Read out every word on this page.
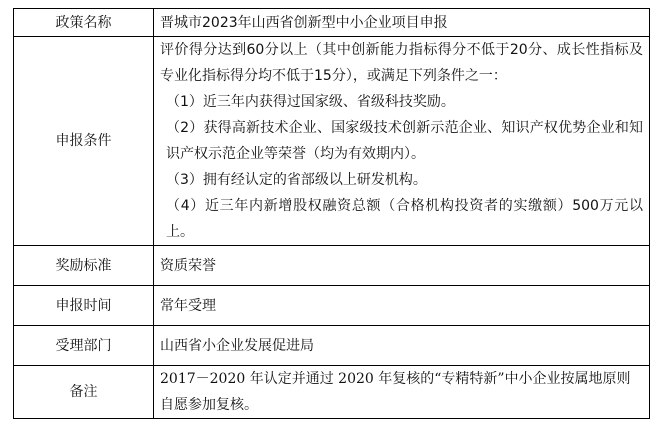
政策名称	晋城市2023年山西省创新型中小企业项目申报
申报条件	评价得分达到60分以上（其中创新能力指标得分不低于20分、成长性指标及专业化指标得分均不低于15分），或满足下列条件之一：
（1）近三年内获得过国家级、省级科技奖励。
（2）获得高新技术企业、国家级技术创新示范企业、知识产权优势企业和知识产权示范企业等荣誉（均为有效期内）。
（3）拥有经认定的省部级以上研发机构。
（4）近三年内新增股权融资总额（合格机构投资者的实缴额）500万元以上。

奖励标准	资质荣誉
申报时间	常年受理
受理部门	山西省小企业发展促进局
备注	2017－2020 年认定并通过 2020 年复核的“专精特新”中小企业按属地原则自愿参加复核。
